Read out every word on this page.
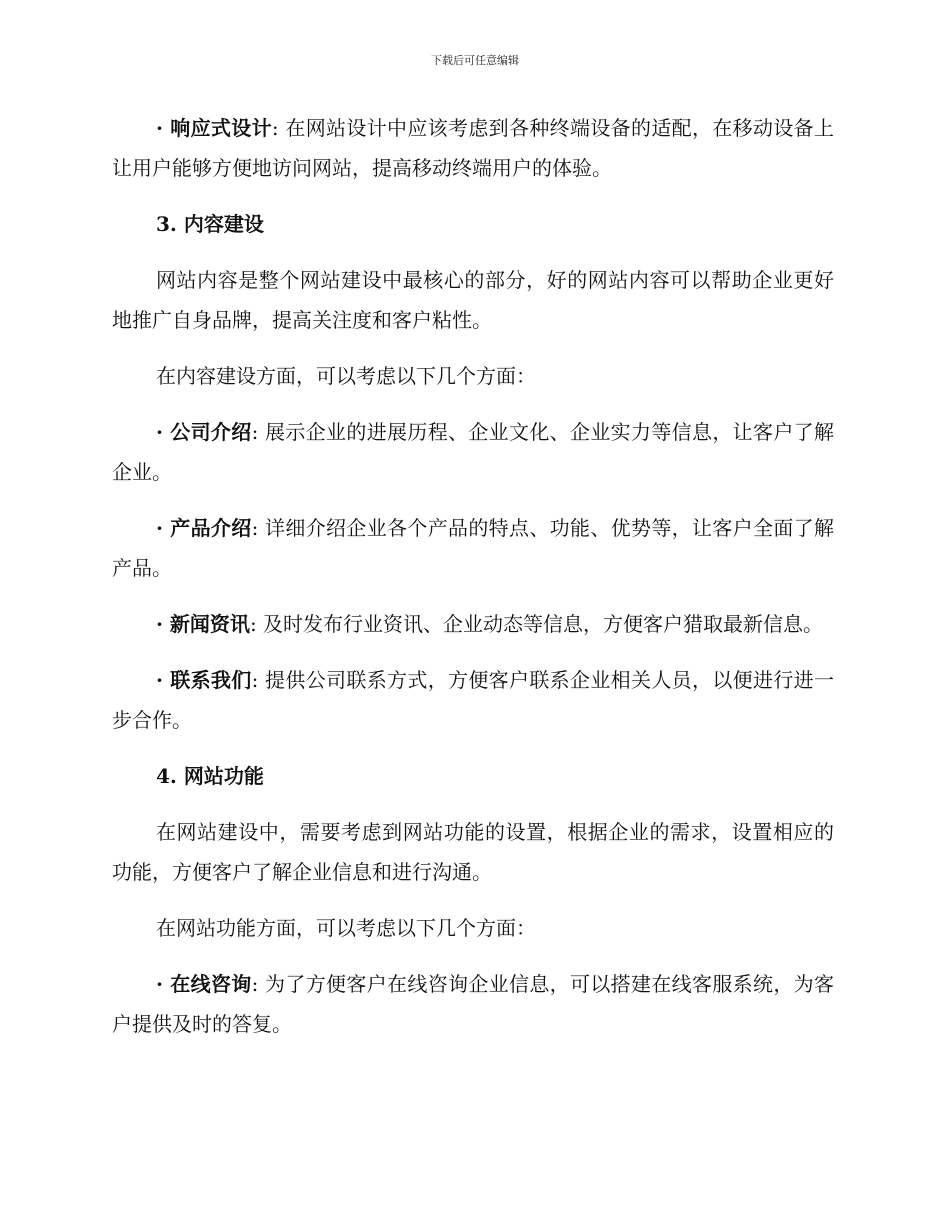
下载后可任意编辑

· 响应式设计: 在网站设计中应该考虑到各种终端设备的适配，在移动设备上让用户能够方便地访问网站，提高移动终端用户的体验。

3. 内容建设

网站内容是整个网站建设中最核心的部分，好的网站内容可以帮助企业更好地推广自身品牌，提高关注度和客户粘性。

在内容建设方面，可以考虑以下几个方面：

· 公司介绍: 展示企业的进展历程、企业文化、企业实力等信息，让客户了解企业。

· 产品介绍: 详细介绍企业各个产品的特点、功能、优势等，让客户全面了解产品。

· 新闻资讯: 及时发布行业资讯、企业动态等信息，方便客户猎取最新信息。

· 联系我们: 提供公司联系方式，方便客户联系企业相关人员，以便进行进一步合作。

4. 网站功能

在网站建设中，需要考虑到网站功能的设置，根据企业的需求，设置相应的功能，方便客户了解企业信息和进行沟通。

在网站功能方面，可以考虑以下几个方面：

· 在线咨询: 为了方便客户在线咨询企业信息，可以搭建在线客服系统，为客户提供及时的答复。
